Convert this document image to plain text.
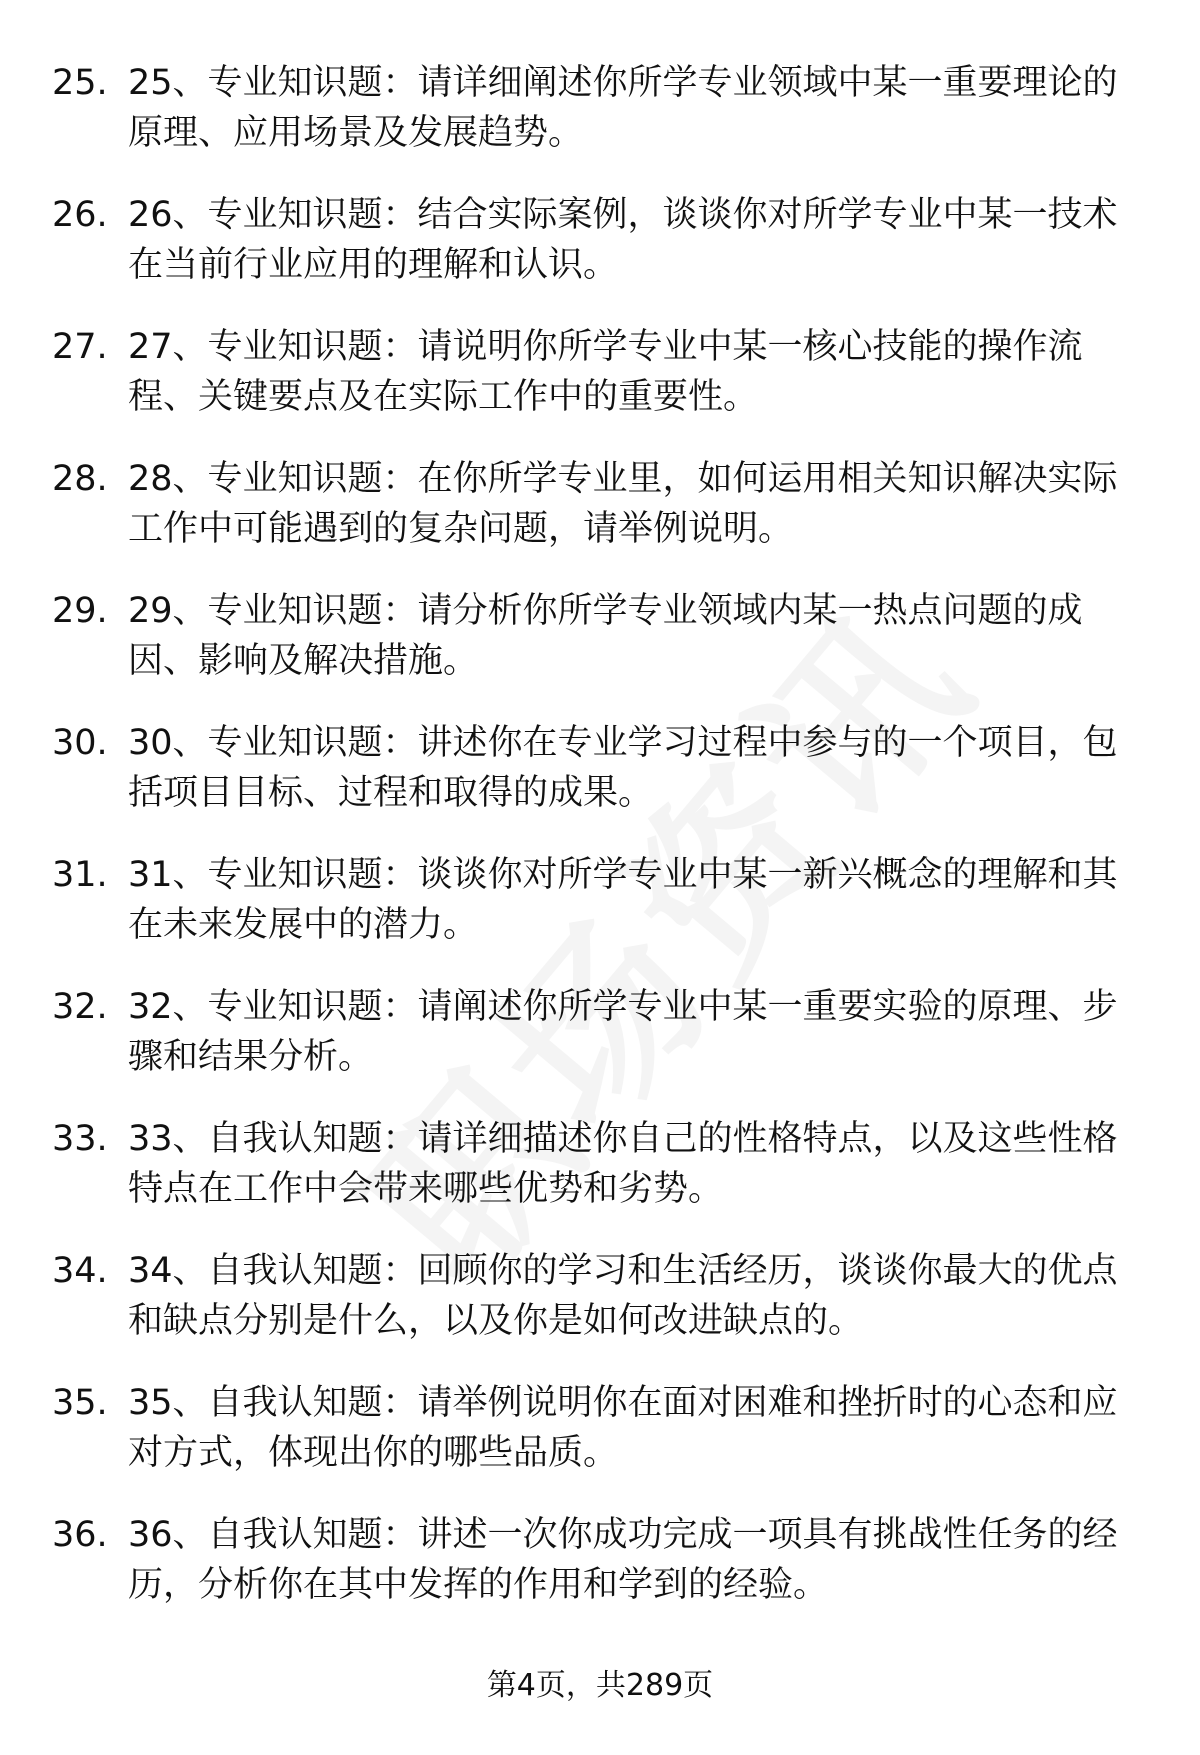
25. 25、专业知识题：请详细阐述你所学专业领域中某一重要理论的原理、应用场景及发展趋势。
26. 26、专业知识题：结合实际案例，谈谈你对所学专业中某一技术在当前行业应用的理解和认识。
27. 27、专业知识题：请说明你所学专业中某一核心技能的操作流程、关键要点及在实际工作中的重要性。
28. 28、专业知识题：在你所学专业里，如何运用相关知识解决实际工作中可能遇到的复杂问题，请举例说明。
29. 29、专业知识题：请分析你所学专业领域内某一热点问题的成因、影响及解决措施。
30. 30、专业知识题：讲述你在专业学习过程中参与的一个项目，包括项目目标、过程和取得的成果。
31. 31、专业知识题：谈谈你对所学专业中某一新兴概念的理解和其在未来发展中的潜力。
32. 32、专业知识题：请阐述你所学专业中某一重要实验的原理、步骤和结果分析。
33. 33、自我认知题：请详细描述你自己的性格特点，以及这些性格特点在工作中会带来哪些优势和劣势。
34. 34、自我认知题：回顾你的学习和生活经历，谈谈你最大的优点和缺点分别是什么，以及你是如何改进缺点的。
35. 35、自我认知题：请举例说明你在面对困难和挫折时的心态和应对方式，体现出你的哪些品质。
36. 36、自我认知题：讲述一次你成功完成一项具有挑战性任务的经历，分析你在其中发挥的作用和学到的经验。
第4页，共289页
